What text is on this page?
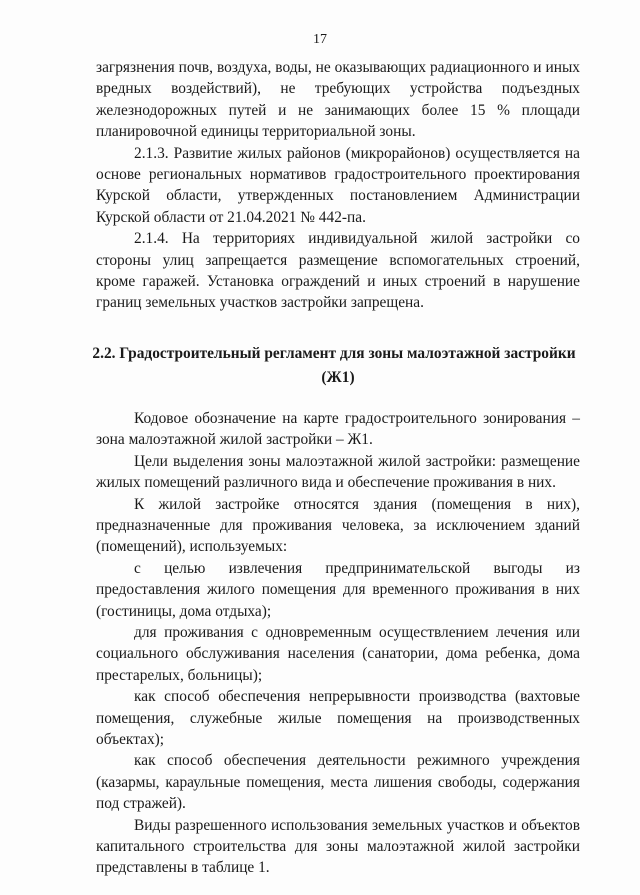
17

загрязнения почв, воздуха, воды, не оказывающих радиационного и иных вредных воздействий), не требующих устройства подъездных железнодорожных путей и не занимающих более 15 % площади планировочной единицы территориальной зоны.

2.1.3. Развитие жилых районов (микрорайонов) осуществляется на основе региональных нормативов градостроительного проектирования Курской области, утвержденных постановлением Администрации Курской области от 21.04.2021 № 442-па.

2.1.4. На территориях индивидуальной жилой застройки со стороны улиц запрещается размещение вспомогательных строений, кроме гаражей. Установка ограждений и иных строений в нарушение границ земельных участков застройки запрещена.

2.2. Градостроительный регламент для зоны малоэтажной застройки
(Ж1)

Кодовое обозначение на карте градостроительного зонирования – зона малоэтажной жилой застройки – Ж1.

Цели выделения зоны малоэтажной жилой застройки: размещение жилых помещений различного вида и обеспечение проживания в них.

К жилой застройке относятся здания (помещения в них), предназначенные для проживания человека, за исключением зданий (помещений), используемых:

с целью извлечения предпринимательской выгоды из предоставления жилого помещения для временного проживания в них (гостиницы, дома отдыха);

для проживания с одновременным осуществлением лечения или социального обслуживания населения (санатории, дома ребенка, дома престарелых, больницы);

как способ обеспечения непрерывности производства (вахтовые помещения, служебные жилые помещения на производственных объектах);

как способ обеспечения деятельности режимного учреждения (казармы, караульные помещения, места лишения свободы, содержания под стражей).

Виды разрешенного использования земельных участков и объектов капитального строительства для зоны малоэтажной жилой застройки представлены в таблице 1.
